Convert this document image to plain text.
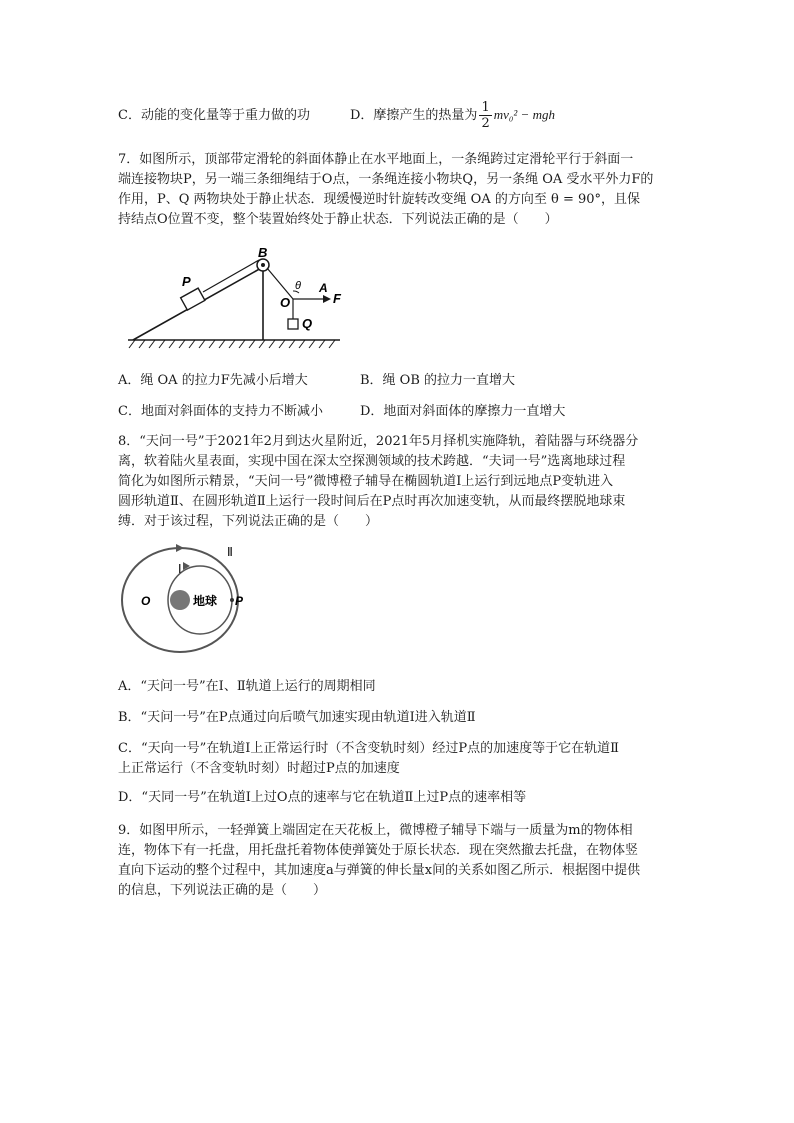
C．动能的变化量等于重力做的功	D．摩擦产生的热量为 $\frac{1}{2} mv_0^2$ − mgh
7．如图所示，顶部带定滑轮的斜面体静止在水平地面上，一条绳跨过定滑轮平行于斜面一
端连接物块P，另一端三条细绳结于O点，一条绳连接小物块Q，另一条绳 OA 受水平外力F的
作用，P、Q 两物块处于静止状态．现缓慢逆时针旋转改变绳 OA 的方向至 θ = 90°，且保
持结点O位置不变，整个装置始终处于静止状态．下列说法正确的是（　　）
B
P
O
θ A
F
Q
A．绳 OA 的拉力F先减小后增大	B．绳 OB 的拉力一直增大
C．地面对斜面体的支持力不断减小	D．地面对斜面体的摩擦力一直增大
8．“天问一号”于2021年2月到达火星附近，2021年5月择机实施降轨，着陆器与环绕器分
离，软着陆火星表面，实现中国在深太空探测领域的技术跨越．“夫词一号”选离地球过程
简化为如图所示精景，“天问一号”微博橙子辅导在椭圆轨道Ⅰ上运行到远地点P变轨进入
圆形轨道Ⅱ、在圆形轨道Ⅱ上运行一段时间后在P点时再次加速变轨，从而最终摆脱地球束
缚．对于该过程，下列说法正确的是（　　）
Ⅱ
Ⅰ
O	地球 P
A．“天问一号”在Ⅰ、Ⅱ轨道上运行的周期相同
B．“天问一号”在P点通过向后喷气加速实现由轨道Ⅰ进入轨道Ⅱ
C．“天向一号”在轨道Ⅰ上正常运行时（不含变轨时刻）经过P点的加速度等于它在轨道Ⅱ
上正常运行（不含变轨时刻）时超过P点的加速度
D．“天同一号”在轨道Ⅰ上过O点的速率与它在轨道Ⅱ上过P点的速率相等
9．如图甲所示，一轻弹簧上端固定在天花板上，微博橙子辅导下端与一质量为m的物体相
连，物体下有一托盘，用托盘托着物体使弹簧处于原长状态．现在突然撤去托盘，在物体竖
直向下运动的整个过程中，其加速度a与弹簧的伸长量x间的关系如图乙所示．根据图中提供
的信息，下列说法正确的是（　　）
